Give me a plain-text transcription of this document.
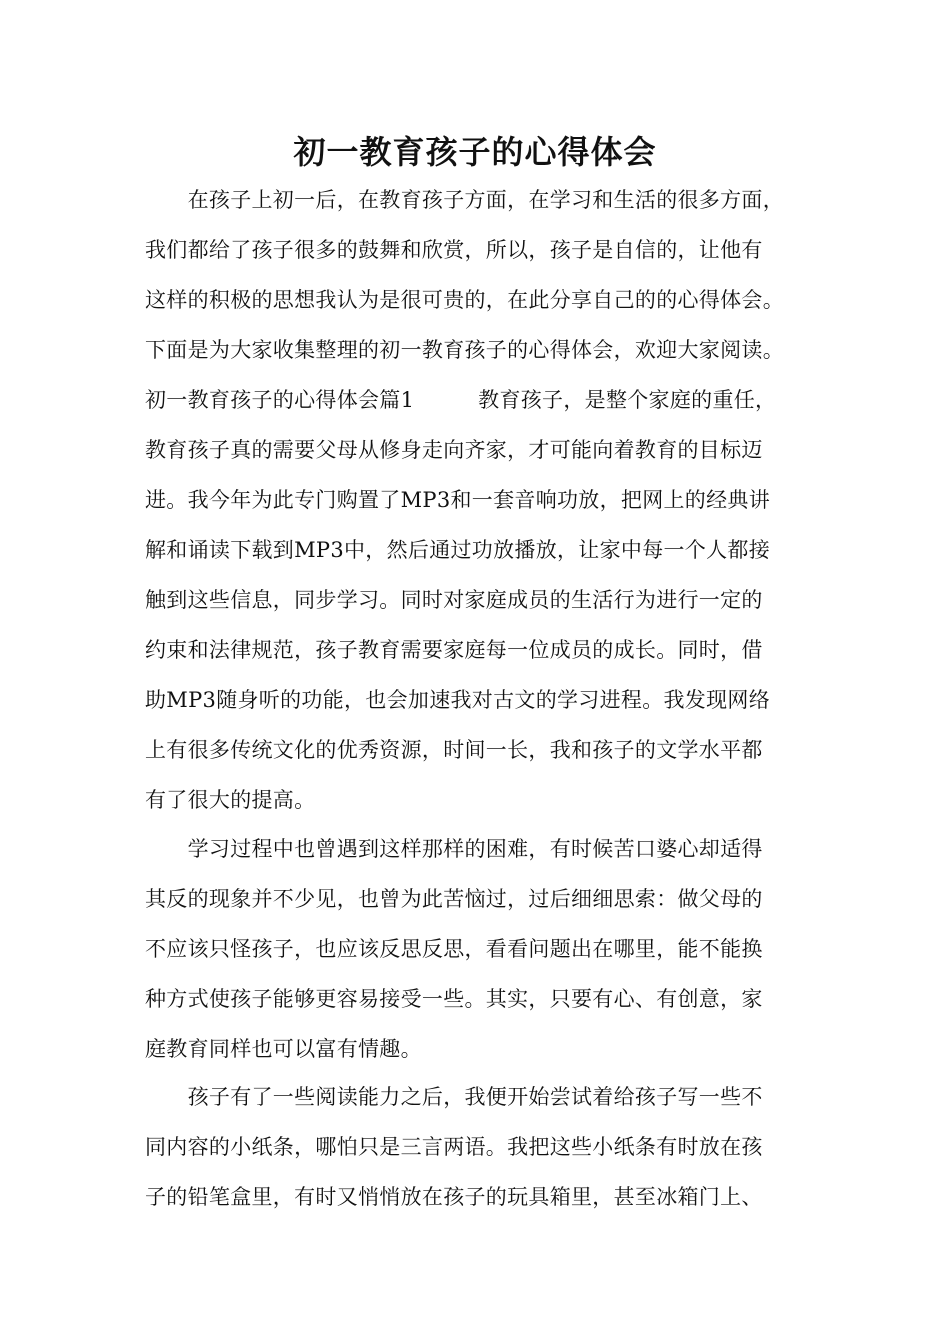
初一教育孩子的心得体会
　　在孩子上初一后，在教育孩子方面，在学习和生活的很多方面，
我们都给了孩子很多的鼓舞和欣赏，所以，孩子是自信的，让他有
这样的积极的思想我认为是很可贵的，在此分享自己的的心得体会。
下面是为大家收集整理的初一教育孩子的心得体会，欢迎大家阅读。
初一教育孩子的心得体会篇1　　　教育孩子，是整个家庭的重任，
教育孩子真的需要父母从修身走向齐家，才可能向着教育的目标迈
进。我今年为此专门购置了MP3和一套音响功放，把网上的经典讲
解和诵读下载到MP3中，然后通过功放播放，让家中每一个人都接
触到这些信息，同步学习。同时对家庭成员的生活行为进行一定的
约束和法律规范，孩子教育需要家庭每一位成员的成长。同时，借
助MP3随身听的功能，也会加速我对古文的学习进程。我发现网络
上有很多传统文化的优秀资源，时间一长，我和孩子的文学水平都
有了很大的提高。
　　学习过程中也曾遇到这样那样的困难，有时候苦口婆心却适得
其反的现象并不少见，也曾为此苦恼过，过后细细思索：做父母的
不应该只怪孩子，也应该反思反思，看看问题出在哪里，能不能换
种方式使孩子能够更容易接受一些。其实，只要有心、有创意，家
庭教育同样也可以富有情趣。
　　孩子有了一些阅读能力之后，我便开始尝试着给孩子写一些不
同内容的小纸条，哪怕只是三言两语。我把这些小纸条有时放在孩
子的铅笔盒里，有时又悄悄放在孩子的玩具箱里，甚至冰箱门上、
